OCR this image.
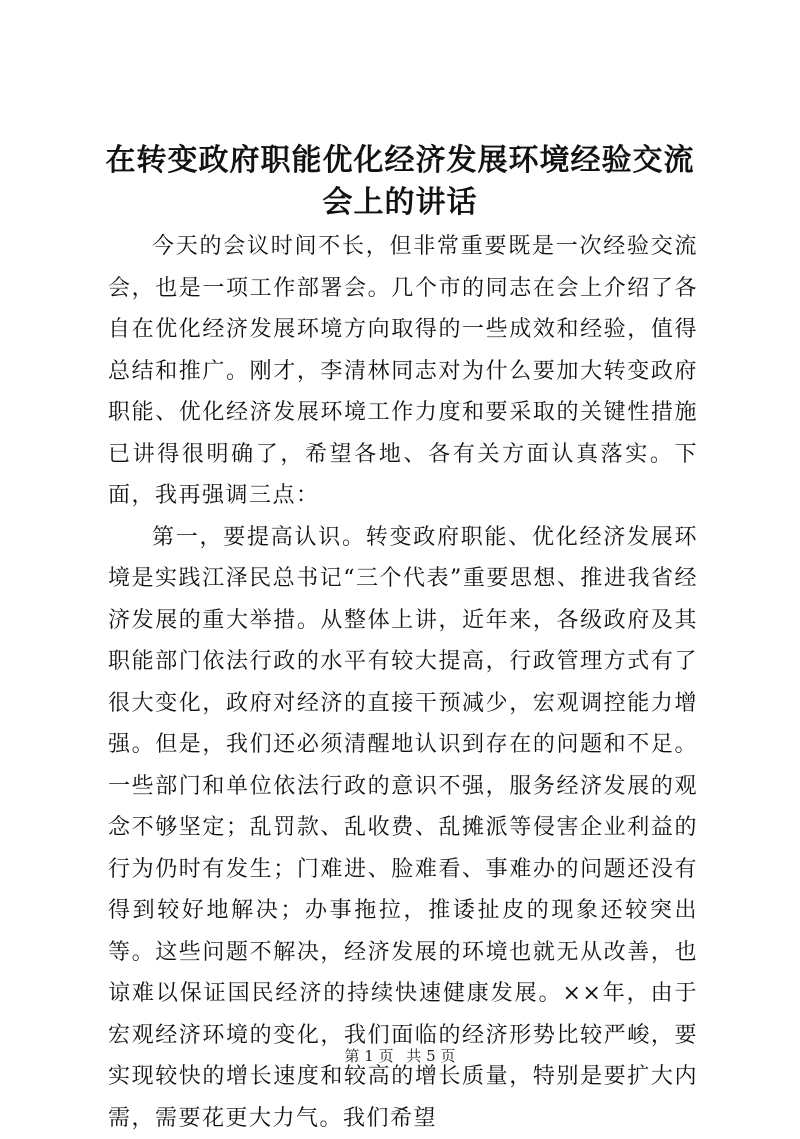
在转变政府职能优化经济发展环境经验交流会上的讲话

今天的会议时间不长，但非常重要既是一次经验交流会，也是一项工作部署会。几个市的同志在会上介绍了各自在优化经济发展环境方向取得的一些成效和经验，值得总结和推广。刚才，李清林同志对为什么要加大转变政府职能、优化经济发展环境工作力度和要采取的关键性措施已讲得很明确了，希望各地、各有关方面认真落实。下面，我再强调三点：

第一，要提高认识。转变政府职能、优化经济发展环境是实践江泽民总书记“三个代表”重要思想、推进我省经济发展的重大举措。从整体上讲，近年来，各级政府及其职能部门依法行政的水平有较大提高，行政管理方式有了很大变化，政府对经济的直接干预减少，宏观调控能力增强。但是，我们还必须清醒地认识到存在的问题和不足。一些部门和单位依法行政的意识不强，服务经济发展的观念不够坚定；乱罚款、乱收费、乱摊派等侵害企业利益的行为仍时有发生；门难进、脸难看、事难办的问题还没有得到较好地解决；办事拖拉，推诿扯皮的现象还较突出等。这些问题不解决，经济发展的环境也就无从改善，也谅难以保证国民经济的持续快速健康发展。××年，由于宏观经济环境的变化，我们面临的经济形势比较严峻，要实现较快的增长速度和较高的增长质量，特别是要扩大内需，需要花更大力气。我们希望

第 1 页 共 5 页
